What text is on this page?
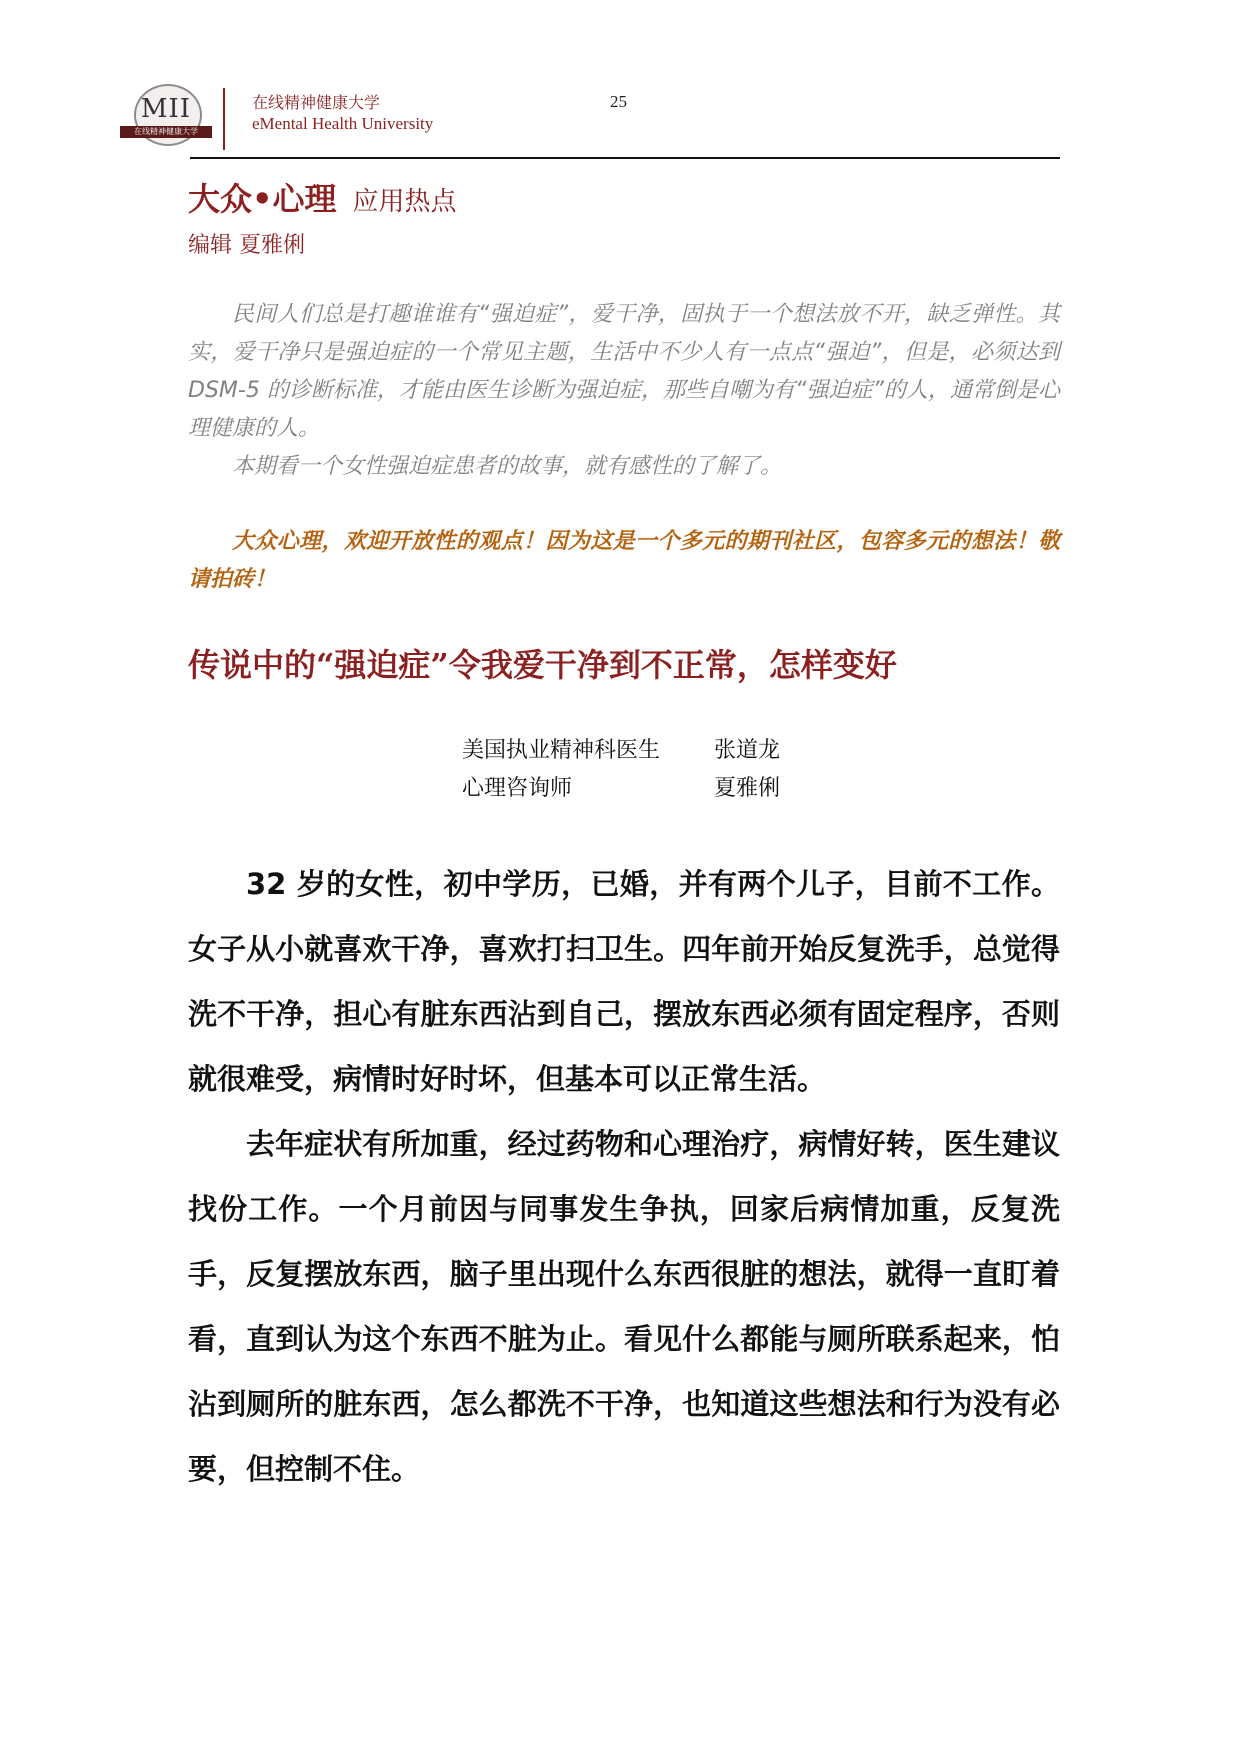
MII
在线精神健康大学
在线精神健康大学
eMental Health University
25
大众•心理 应用热点
编辑 夏雅俐

民间人们总是打趣谁谁有“强迫症”，爱干净，固执于一个想法放不开，缺乏弹性。其实，爱干净只是强迫症的一个常见主题，生活中不少人有一点点“强迫”，但是，必须达到 DSM-5 的诊断标准，才能由医生诊断为强迫症，那些自嘲为有“强迫症”的人，通常倒是心理健康的人。

本期看一个女性强迫症患者的故事，就有感性的了解了。

大众心理，欢迎开放性的观点！因为这是一个多元的期刊社区，包容多元的想法！敬请拍砖！

传说中的“强迫症”令我爱干净到不正常，怎样变好
美国执业精神科医生	张道龙
心理咨询师	夏雅俐

32 岁的女性，初中学历，已婚，并有两个儿子，目前不工作。女子从小就喜欢干净，喜欢打扫卫生。四年前开始反复洗手，总觉得洗不干净，担心有脏东西沾到自己，摆放东西必须有固定程序，否则就很难受，病情时好时坏，但基本可以正常生活。

去年症状有所加重，经过药物和心理治疗，病情好转，医生建议找份工作。一个月前因与同事发生争执，回家后病情加重，反复洗手，反复摆放东西，脑子里出现什么东西很脏的想法，就得一直盯着看，直到认为这个东西不脏为止。看见什么都能与厕所联系起来，怕沾到厕所的脏东西，怎么都洗不干净，也知道这些想法和行为没有必要，但控制不住。
